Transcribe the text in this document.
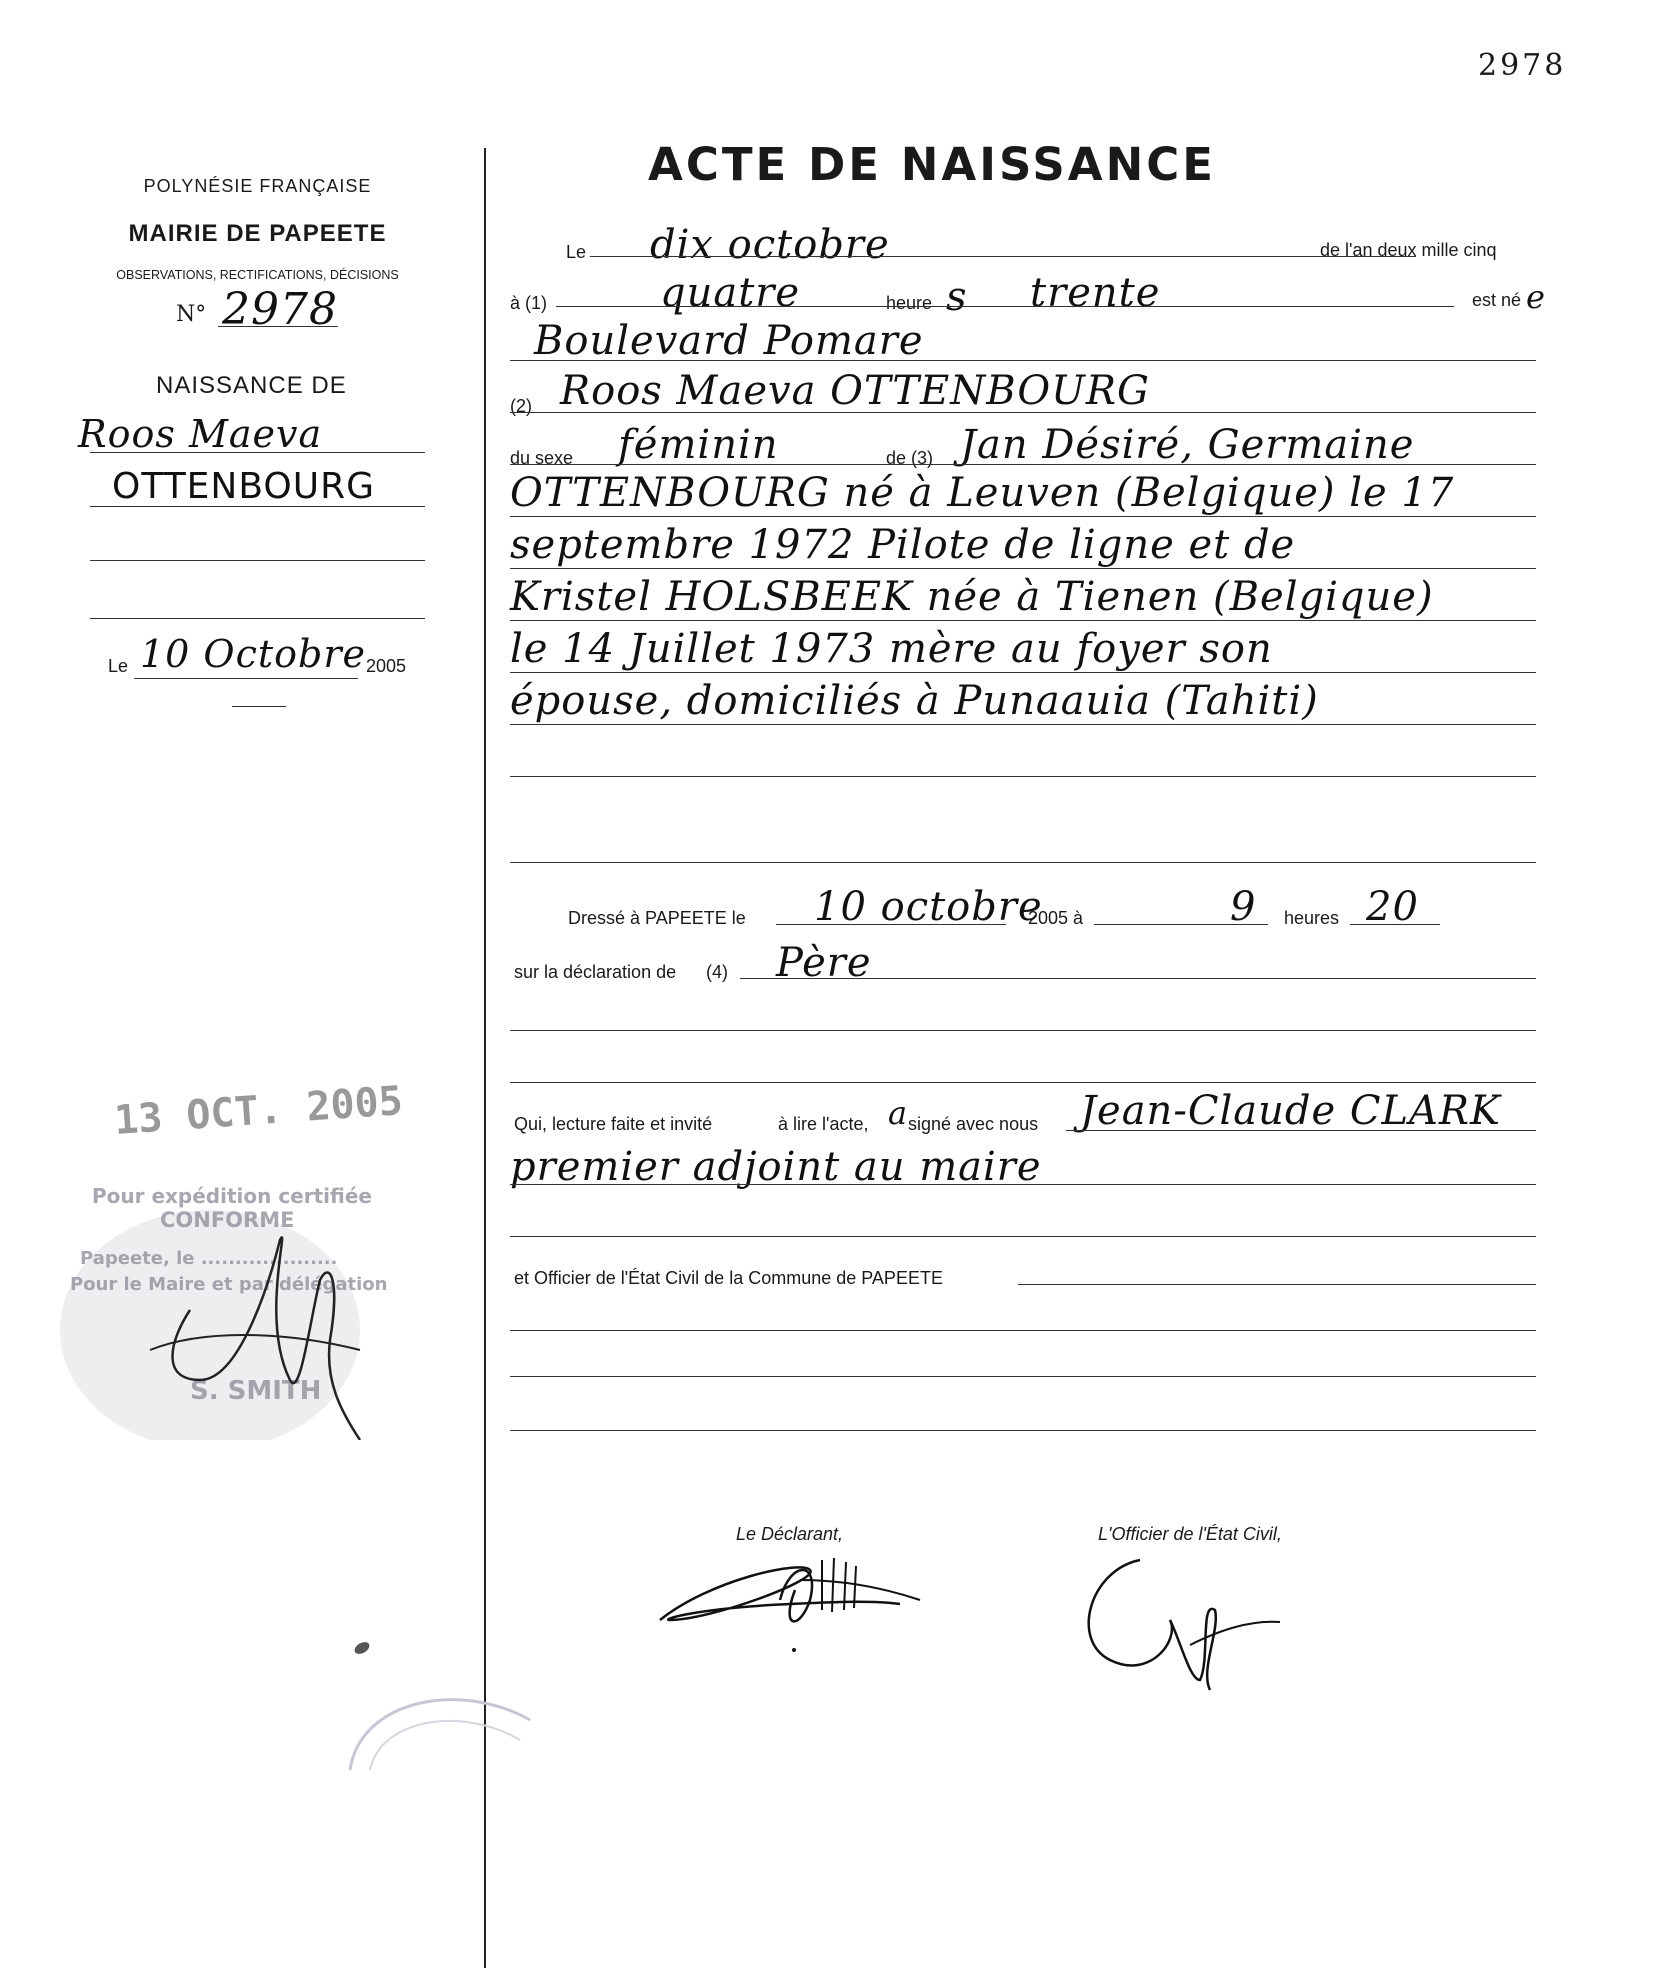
2978
POLYNÉSIE FRANÇAISE
MAIRIE DE PAPEETE
OBSERVATIONS, RECTIFICATIONS, DÉCISIONS
N° 2978
NAISSANCE DE
Roos Maeva
OTTENBOURG
Le 10 Octobre 2005
13 OCT. 2005
Pour expédition certifiée
CONFORME
Papeete, le ....................
Pour le Maire et par délégation
S. SMITH
ACTE DE NAISSANCE
Le dix octobre	de l'an deux mille cinq
à (1)	quatre	heure s trente	est né e
Boulevard Pomare
(2) Roos Maeva OTTENBOURG
du sexe féminin	de (3) Jan Désiré, Germaine
OTTENBOURG né à Leuven (Belgique) le 17
septembre 1972 Pilote de ligne et de
Kristel HOLSBEEK née à Tienen (Belgique)
le 14 Juillet 1973 mère au foyer son
épouse, domiciliés à Punaauia (Tahiti)
Dressé à PAPEETE le 10 octobre
2005 à	9 heures 20
sur la déclaration de (4) Père
Qui, lecture faite et invité	à lire l'acte, a signé avec nous Jean-Claude CLARK
premier adjoint au maire
et Officier de l'État Civil de la Commune de PAPEETE
Le Déclarant,	L'Officier de l'État Civil,
